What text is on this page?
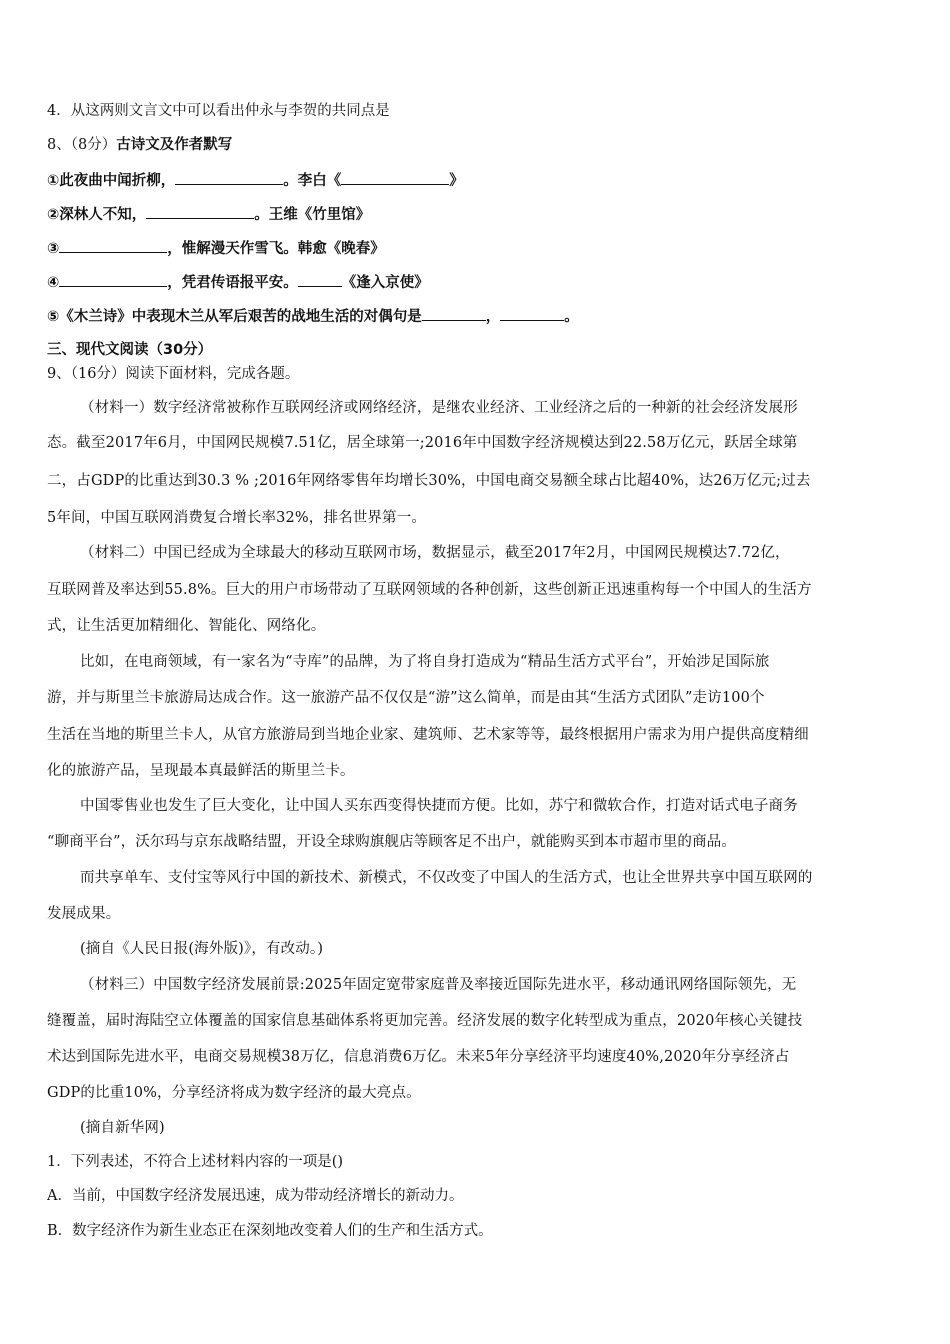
4．从这两则文言文中可以看出仲永与李贺的共同点是
8、（8分）古诗文及作者默写
①此夜曲中闻折柳，	。李白《	》
②深林人不知，	。王维《竹里馆》
③	，惟解漫天作雪飞。韩愈《晚春》
④	，凭君传语报平安。	《逢入京使》
⑤《木兰诗》中表现木兰从军后艰苦的战地生活的对偶句是	，	。
三、现代文阅读（30分）
9、（16分）阅读下面材料，完成各题。
（材料一）数字经济常被称作互联网经济或网络经济，是继农业经济、工业经济之后的一种新的社会经济发展形
态。截至2017年6月，中国网民规模7.51亿，居全球第一;2016年中国数字经济规模达到22.58万亿元，跃居全球第
二，占GDP的比重达到30.3 % ;2016年网络零售年均增长30%，中国电商交易额全球占比超40%，达26万亿元;过去
5年间，中国互联网消费复合增长率32%，排名世界第一。
（材料二）中国已经成为全球最大的移动互联网市场，数据显示，截至2017年2月，中国网民规模达7.72亿，
互联网普及率达到55.8%。巨大的用户市场带动了互联网领域的各种创新，这些创新正迅速重构每一个中国人的生活方
式，让生活更加精细化、智能化、网络化。
比如，在电商领域，有一家名为“寺库”的品牌，为了将自身打造成为“精品生活方式平台”，开始涉足国际旅
游，并与斯里兰卡旅游局达成合作。这一旅游产品不仅仅是“游”这么简单，而是由其“生活方式团队”走访100个
生活在当地的斯里兰卡人，从官方旅游局到当地企业家、建筑师、艺术家等等，最终根据用户需求为用户提供高度精细
化的旅游产品，呈现最本真最鲜活的斯里兰卡。
中国零售业也发生了巨大变化，让中国人买东西变得快捷而方便。比如，苏宁和微软合作，打造对话式电子商务
“聊商平台”，沃尔玛与京东战略结盟，开设全球购旗舰店等顾客足不出户，就能购买到本市超市里的商品。
而共享单车、支付宝等风行中国的新技术、新模式，不仅改变了中国人的生活方式，也让全世界共享中国互联网的
发展成果。
(摘自《人民日报(海外版)》，有改动。)
（材料三）中国数字经济发展前景:2025年固定宽带家庭普及率接近国际先进水平，移动通讯网络国际领先，无
缝覆盖，届时海陆空立体覆盖的国家信息基础体系将更加完善。经济发展的数字化转型成为重点，2020年核心关键技
术达到国际先进水平，电商交易规模38万亿，信息消费6万亿。未来5年分享经济平均速度40%,2020年分享经济占
GDP的比重10%，分享经济将成为数字经济的最大亮点。
(摘自新华网)
1．下列表述，不符合上述材料内容的一项是()
A．当前，中国数字经济发展迅速，成为带动经济增长的新动力。
B．数字经济作为新生业态正在深刻地改变着人们的生产和生活方式。
